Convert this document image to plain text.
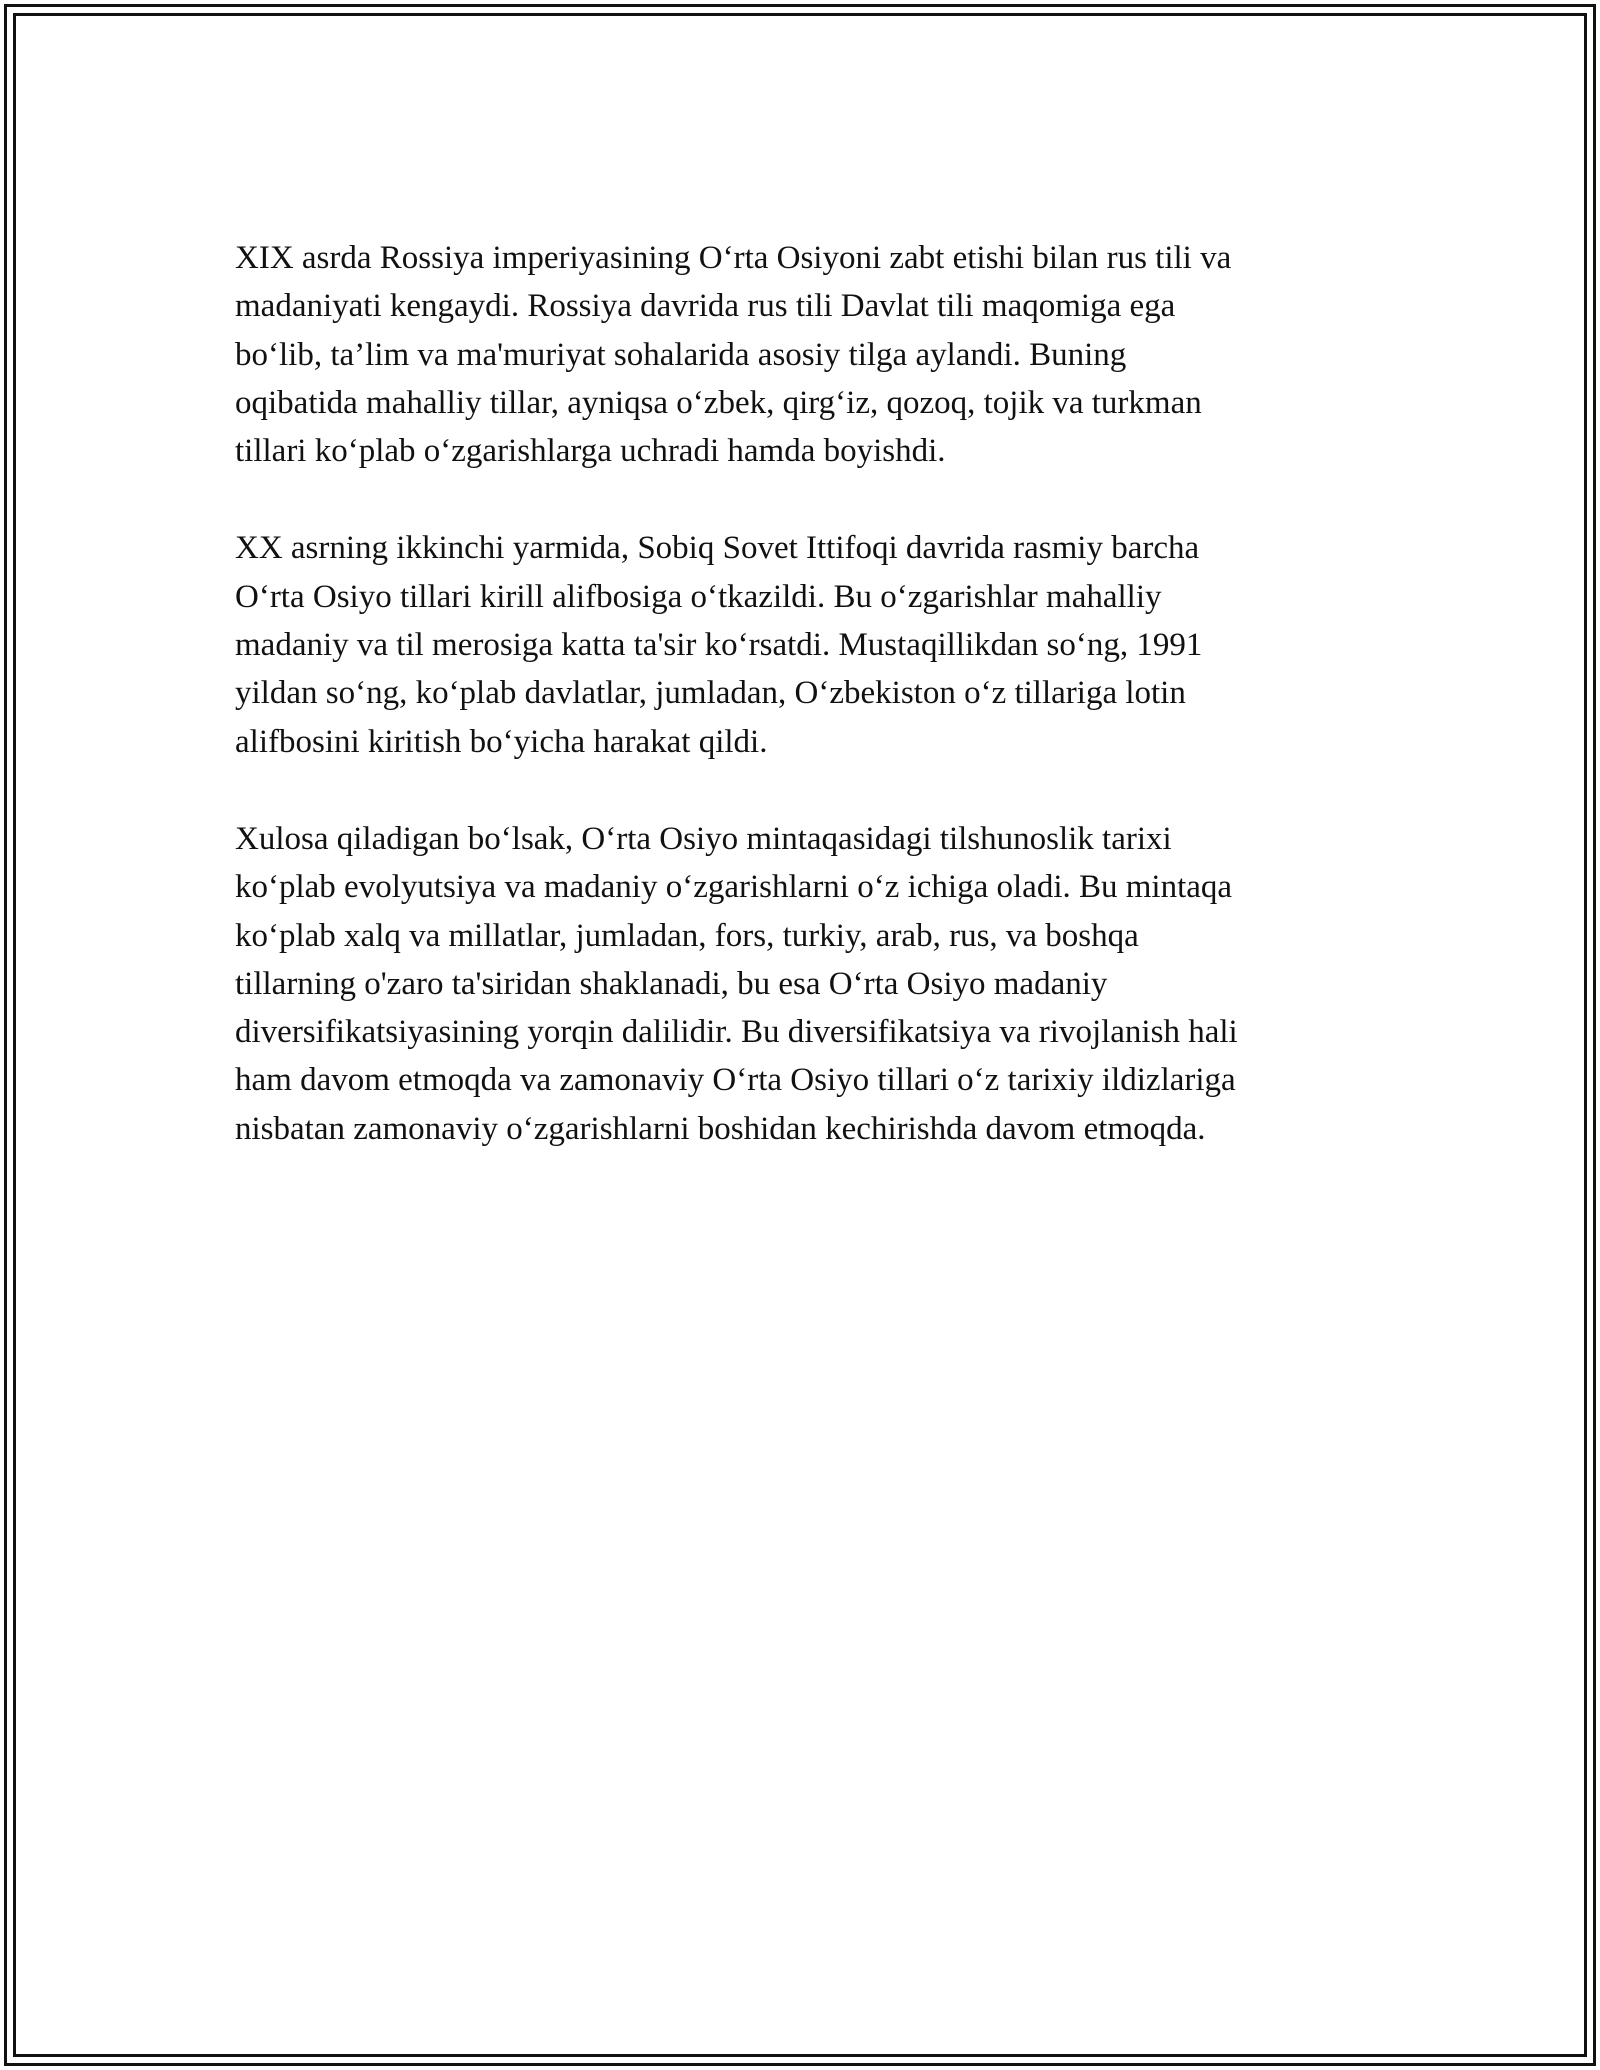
XIX asrda Rossiya imperiyasining O‘rta Osiyoni zabt etishi bilan rus tili va
madaniyati kengaydi. Rossiya davrida rus tili Davlat tili maqomiga ega
bo‘lib, ta’lim va ma'muriyat sohalarida asosiy tilga aylandi. Buning
oqibatida mahalliy tillar, ayniqsa o‘zbek, qirg‘iz, qozoq, tojik va turkman
tillari ko‘plab o‘zgarishlarga uchradi hamda boyishdi.

XX asrning ikkinchi yarmida, Sobiq Sovet Ittifoqi davrida rasmiy barcha
O‘rta Osiyo tillari kirill alifbosiga o‘tkazildi. Bu o‘zgarishlar mahalliy
madaniy va til merosiga katta ta'sir ko‘rsatdi. Mustaqillikdan so‘ng, 1991
yildan so‘ng, ko‘plab davlatlar, jumladan, O‘zbekiston o‘z tillariga lotin
alifbosini kiritish bo‘yicha harakat qildi.

Xulosa qiladigan bo‘lsak, O‘rta Osiyo mintaqasidagi tilshunoslik tarixi
ko‘plab evolyutsiya va madaniy o‘zgarishlarni o‘z ichiga oladi. Bu mintaqa
ko‘plab xalq va millatlar, jumladan, fors, turkiy, arab, rus, va boshqa
tillarning o'zaro ta'siridan shaklanadi, bu esa O‘rta Osiyo madaniy
diversifikatsiyasining yorqin dalilidir. Bu diversifikatsiya va rivojlanish hali
ham davom etmoqda va zamonaviy O‘rta Osiyo tillari o‘z tarixiy ildizlariga
nisbatan zamonaviy o‘zgarishlarni boshidan kechirishda davom etmoqda.
